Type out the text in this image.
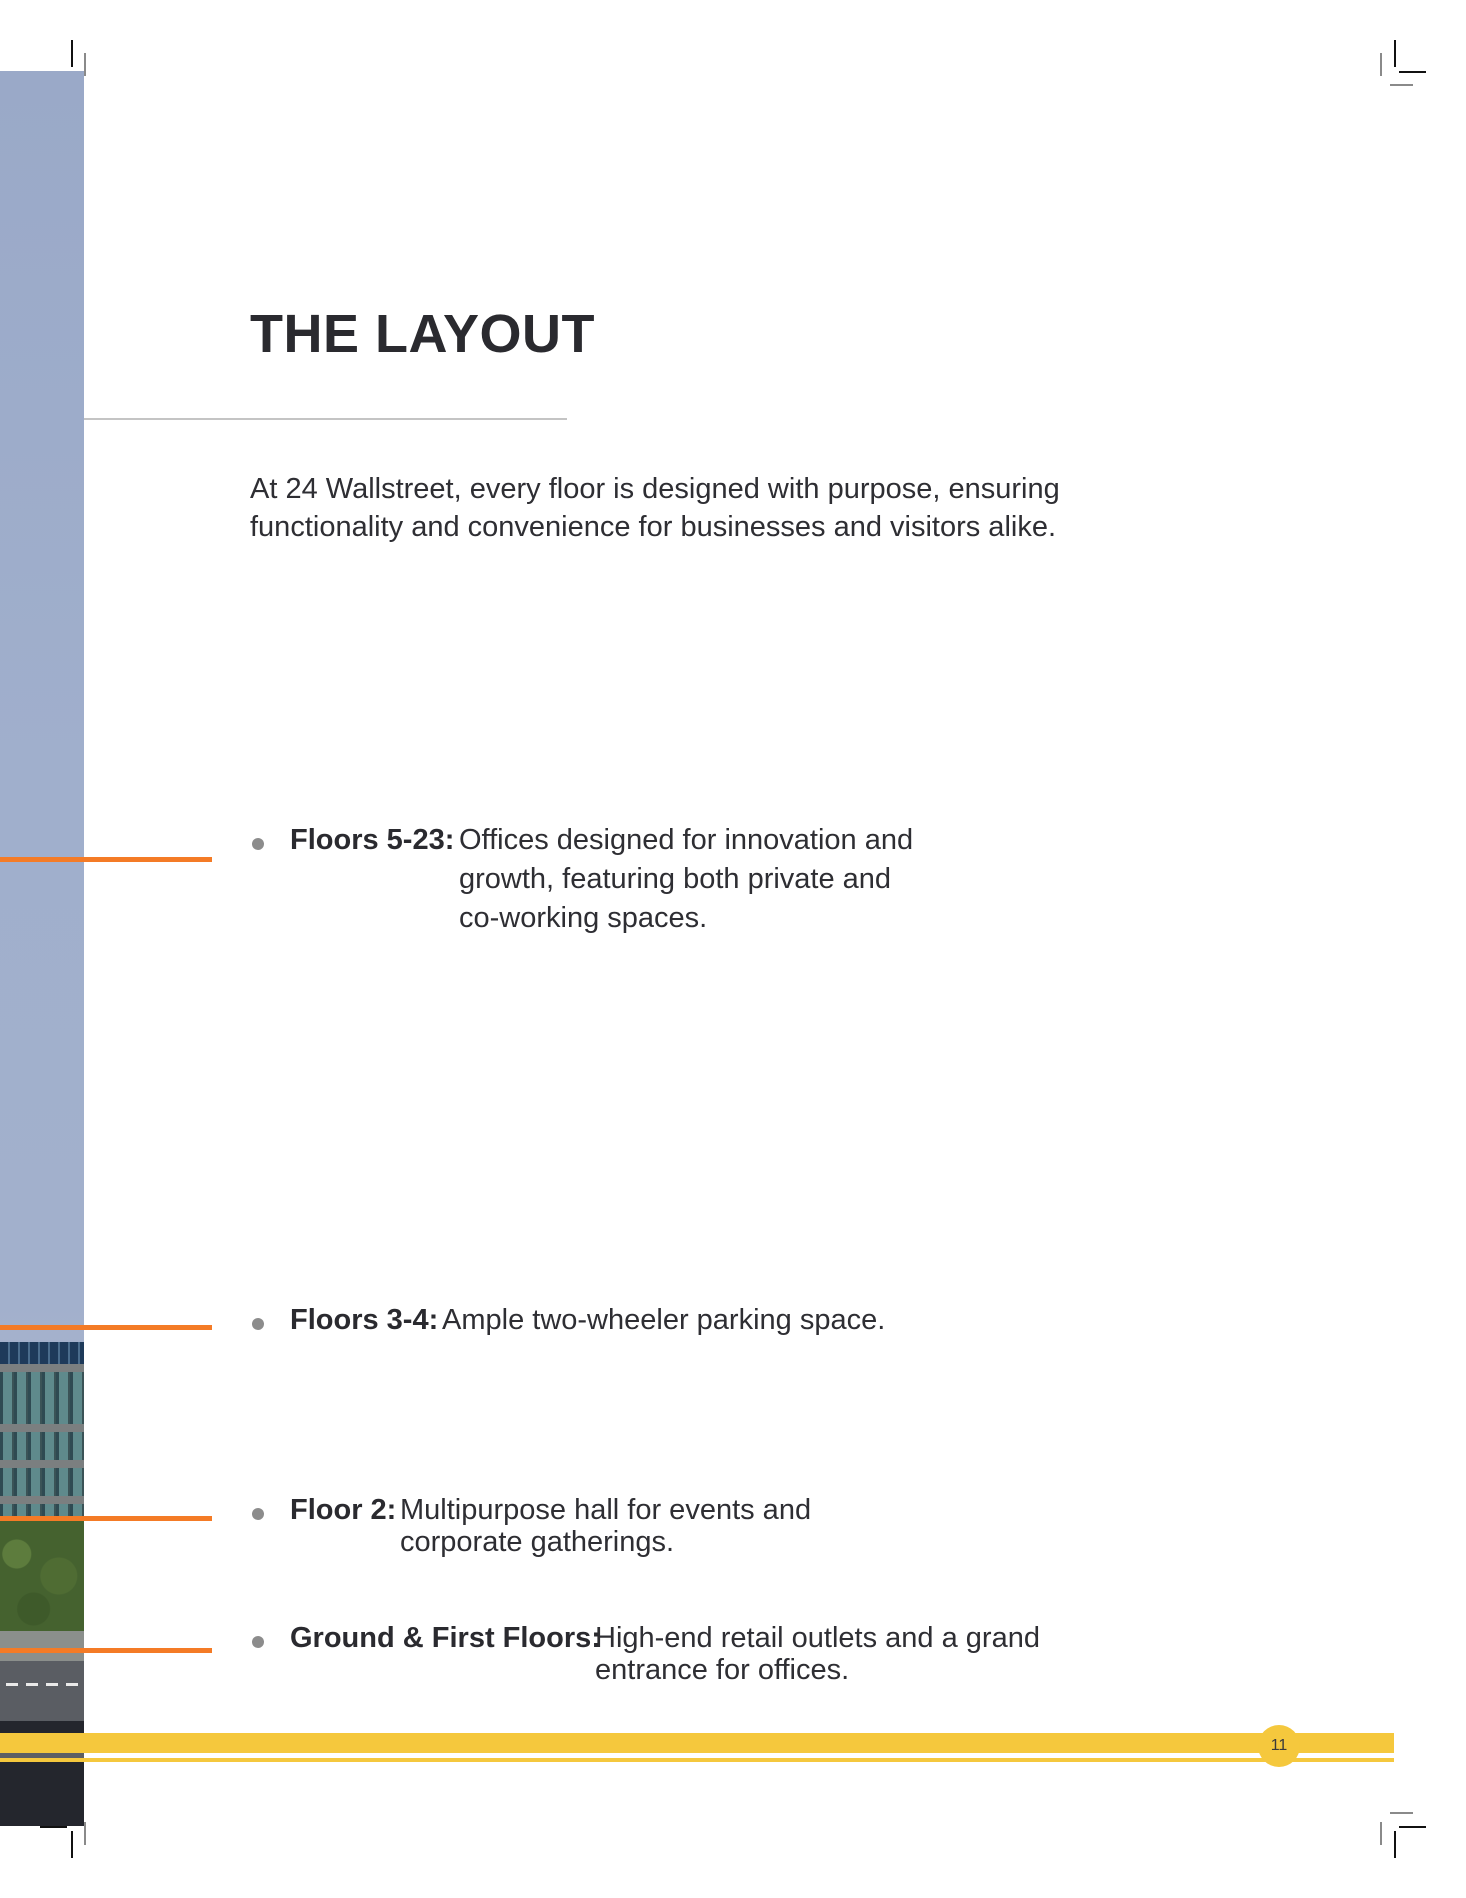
THE LAYOUT

At 24 Wallstreet, every floor is designed with purpose, ensuring
functionality and convenience for businesses and visitors alike.

Floors 5-23: Offices designed for innovation and
growth, featuring both private and
co-working spaces.
Floors 3-4: Ample two-wheeler parking space.
Floor 2: Multipurpose hall for events and
corporate gatherings.
Ground & First Floors:
High-end retail outlets and a grand
entrance for offices.
11
